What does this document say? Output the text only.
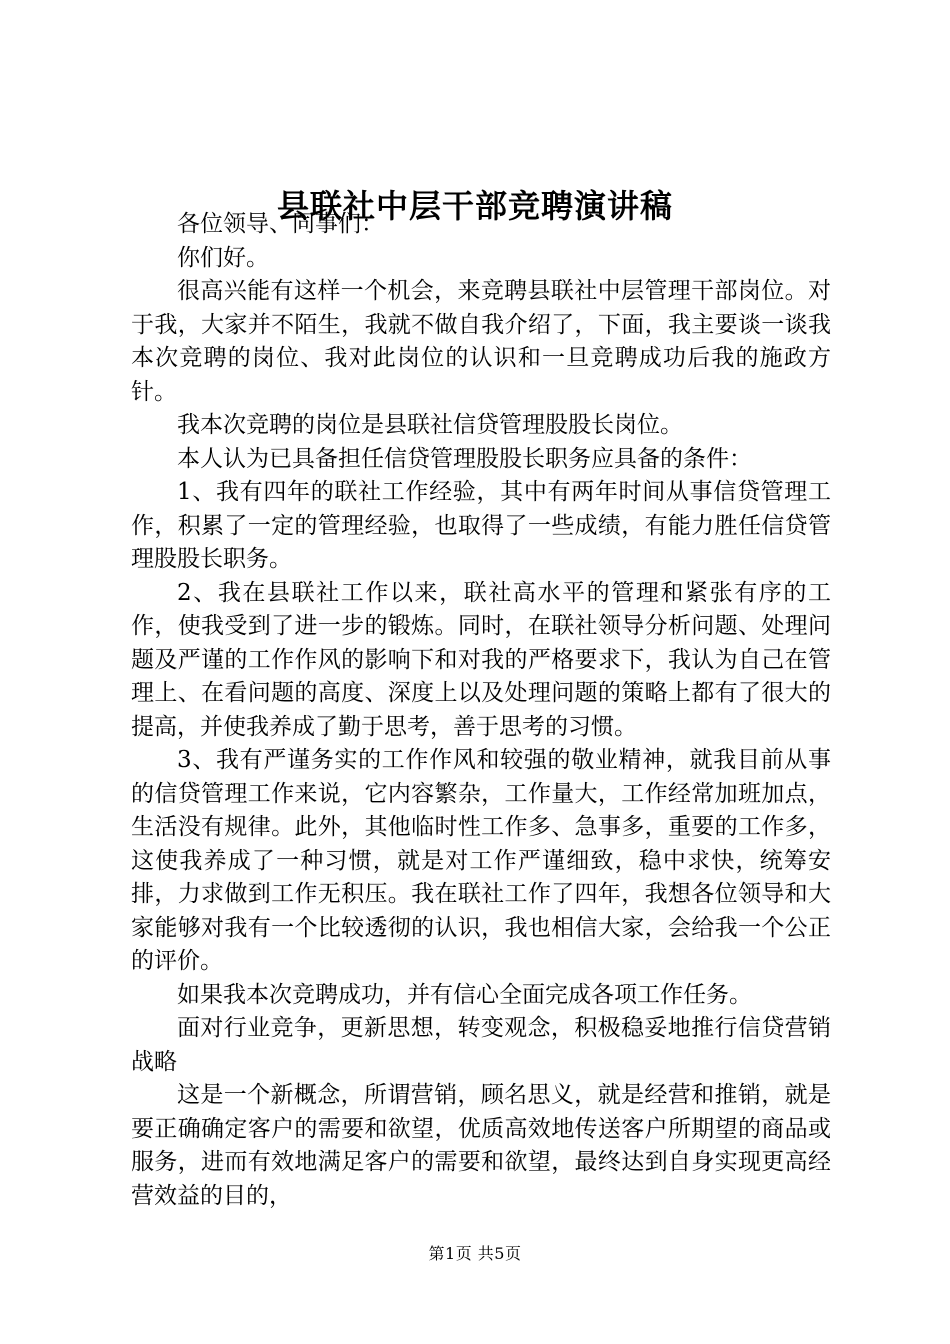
县联社中层干部竞聘演讲稿

各位领导、同事们：

你们好。

很高兴能有这样一个机会，来竞聘县联社中层管理干部岗位。对于我，大家并不陌生，我就不做自我介绍了，下面，我主要谈一谈我本次竞聘的岗位、我对此岗位的认识和一旦竞聘成功后我的施政方针。

我本次竞聘的岗位是县联社信贷管理股股长岗位。

本人认为已具备担任信贷管理股股长职务应具备的条件：

1、我有四年的联社工作经验，其中有两年时间从事信贷管理工作，积累了一定的管理经验，也取得了一些成绩，有能力胜任信贷管理股股长职务。

2、我在县联社工作以来，联社高水平的管理和紧张有序的工作，使我受到了进一步的锻炼。同时，在联社领导分析问题、处理问题及严谨的工作作风的影响下和对我的严格要求下，我认为自己在管理上、在看问题的高度、深度上以及处理问题的策略上都有了很大的提高，并使我养成了勤于思考，善于思考的习惯。

3、我有严谨务实的工作作风和较强的敬业精神，就我目前从事的信贷管理工作来说，它内容繁杂，工作量大，工作经常加班加点，生活没有规律。此外，其他临时性工作多、急事多，重要的工作多，这使我养成了一种习惯，就是对工作严谨细致，稳中求快，统筹安排，力求做到工作无积压。我在联社工作了四年，我想各位领导和大家能够对我有一个比较透彻的认识，我也相信大家，会给我一个公正的评价。

如果我本次竞聘成功，并有信心全面完成各项工作任务。

面对行业竞争，更新思想，转变观念，积极稳妥地推行信贷营销战略

这是一个新概念，所谓营销，顾名思义，就是经营和推销，就是要正确确定客户的需要和欲望，优质高效地传送客户所期望的商品或服务，进而有效地满足客户的需要和欲望，最终达到自身实现更高经营效益的目的，

第1页 共5页
